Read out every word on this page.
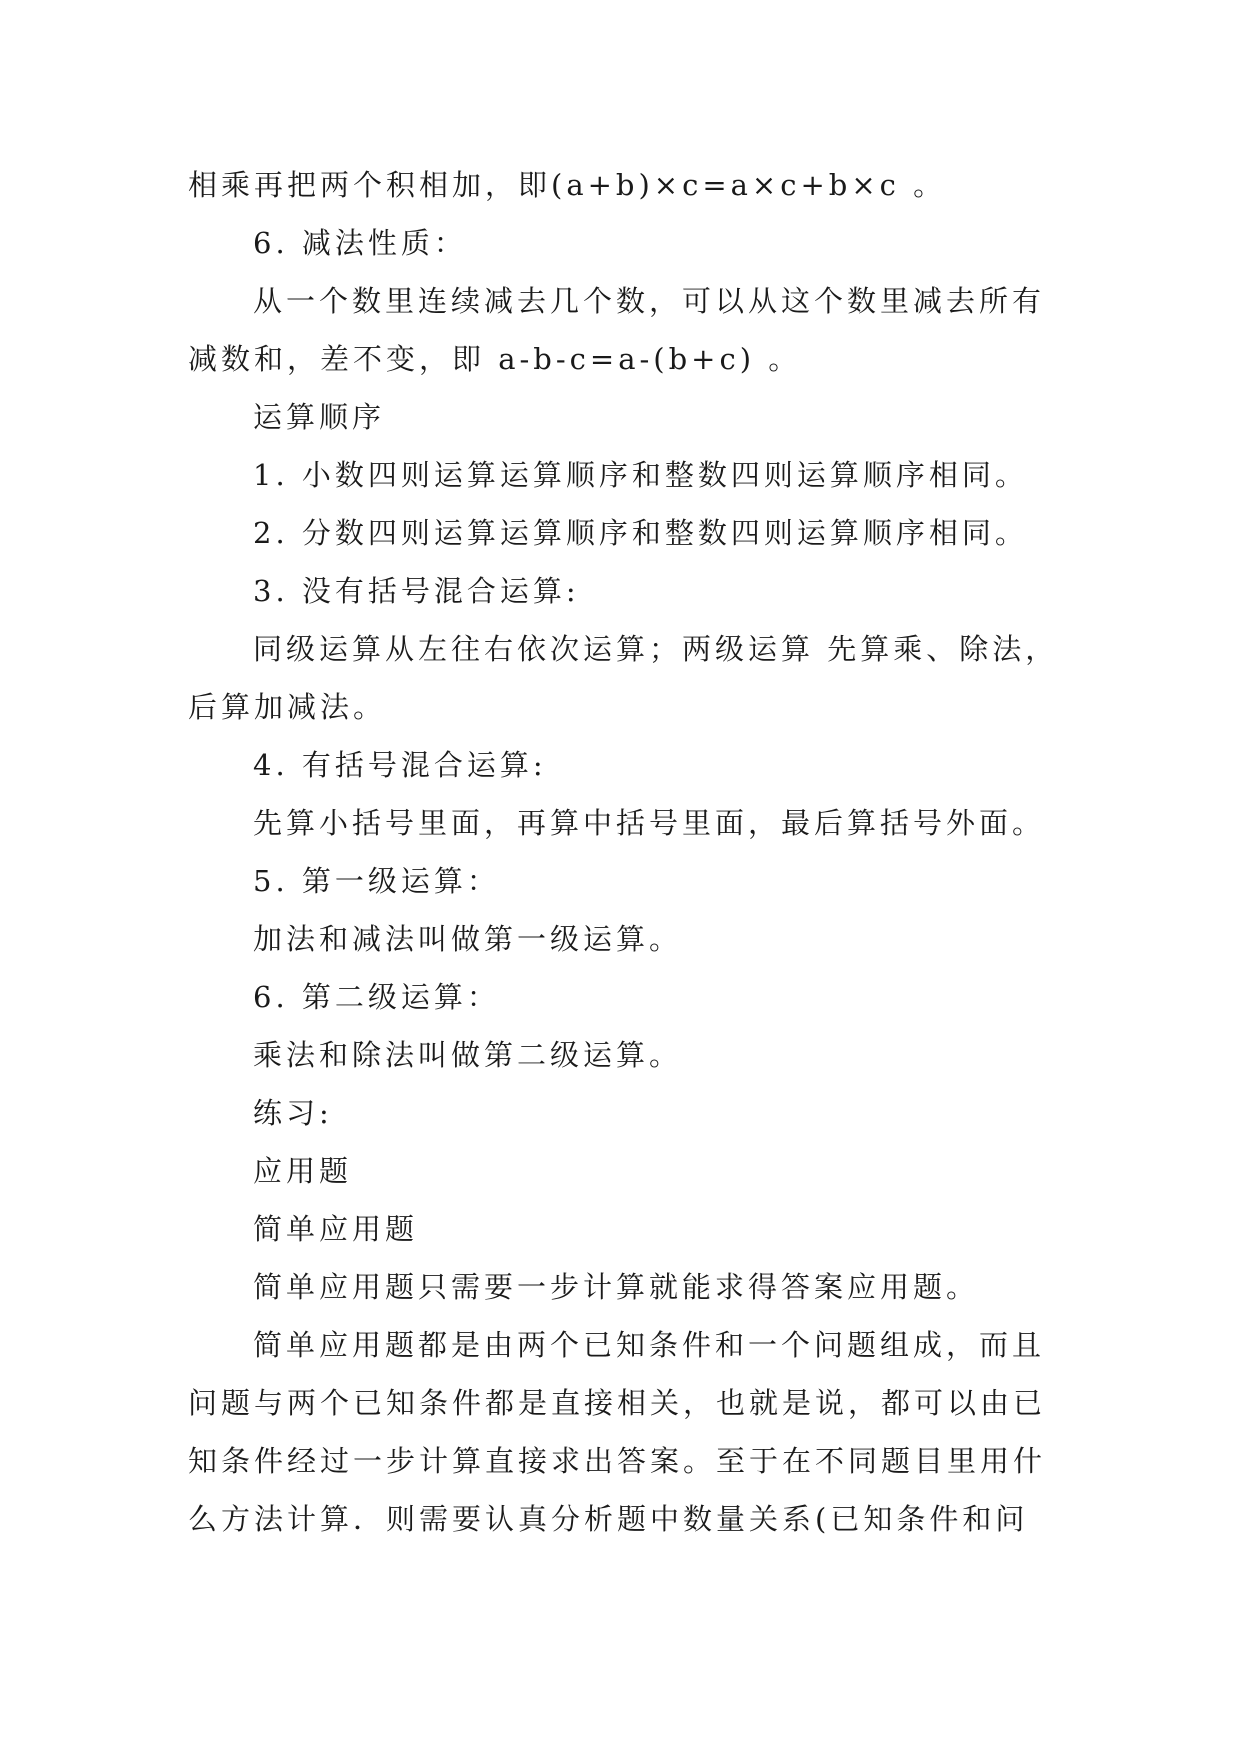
相乘再把两个积相加，即(a+b)×c=a×c+b×c 。
6. 减法性质：
从一个数里连续减去几个数，可以从这个数里减去所有
减数和，差不变，即 a-b-c=a-(b+c) 。
运算顺序
1. 小数四则运算运算顺序和整数四则运算顺序相同。
2. 分数四则运算运算顺序和整数四则运算顺序相同。
3. 没有括号混合运算:
同级运算从左往右依次运算；两级运算 先算乘、除法，
后算加减法。
4. 有括号混合运算:
先算小括号里面，再算中括号里面，最后算括号外面。
5. 第一级运算：
加法和减法叫做第一级运算。
6. 第二级运算：
乘法和除法叫做第二级运算。
练习:
应用题
简单应用题
简单应用题只需要一步计算就能求得答案应用题。
简单应用题都是由两个已知条件和一个问题组成，而且
问题与两个已知条件都是直接相关，也就是说，都可以由已
知条件经过一步计算直接求出答案。至于在不同题目里用什
么方法计算．则需要认真分析题中数量关系(已知条件和问
